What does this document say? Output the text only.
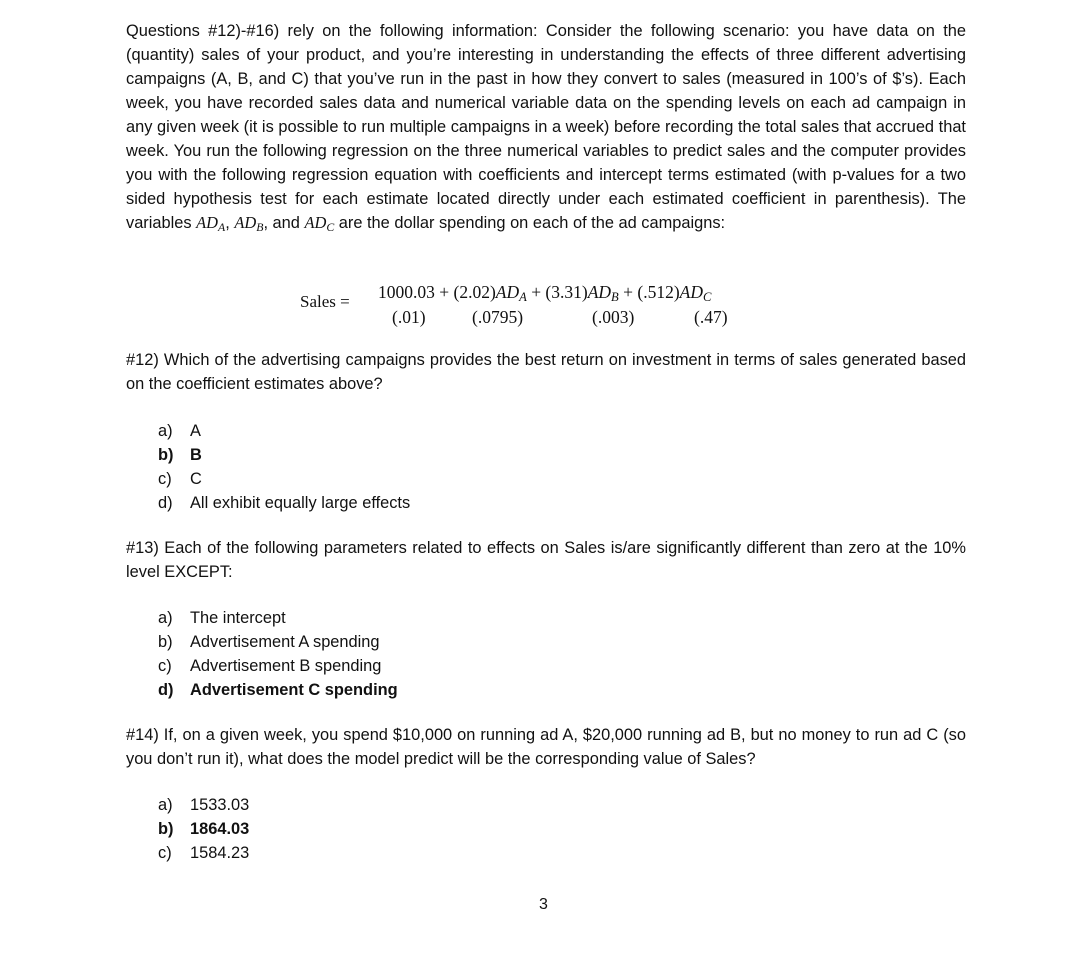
Questions #12)-#16) rely on the following information: Consider the following scenario: you have data on the (quantity) sales of your product, and you’re interesting in understanding the effects of three different advertising campaigns (A, B, and C) that you’ve run in the past in how they convert to sales (measured in 100’s of $’s). Each week, you have recorded sales data and numerical variable data on the spending levels on each ad campaign in any given week (it is possible to run multiple campaigns in a week) before recording the total sales that accrued that week. You run the following regression on the three numerical variables to predict sales and the computer provides you with the following regression equation with coefficients and intercept terms estimated (with p-values for a two sided hypothesis test for each estimate located directly under each estimated coefficient in parenthesis). The variables $AD_A$, $AD_B$, and $AD_C$ are the dollar spending on each of the ad campaigns:

Sales = $1000.03 + (2.02)AD_A + (3.31)AD_B + (.512)AD_C$
(.01)	(.0795)	(.003)	(.47)

#12) Which of the advertising campaigns provides the best return on investment in terms of sales generated based on the coefficient estimates above?

a) A
b) B
c) C
d) All exhibit equally large effects

#13) Each of the following parameters related to effects on Sales is/are significantly different than zero at the 10% level EXCEPT:

a) The intercept
b) Advertisement A spending
c) Advertisement B spending
d) Advertisement C spending

#14) If, on a given week, you spend $10,000 on running ad A, $20,000 running ad B, but no money to run ad C (so you don’t run it), what does the model predict will be the corresponding value of Sales?

a) 1533.03
b) 1864.03
c) 1584.23
3
